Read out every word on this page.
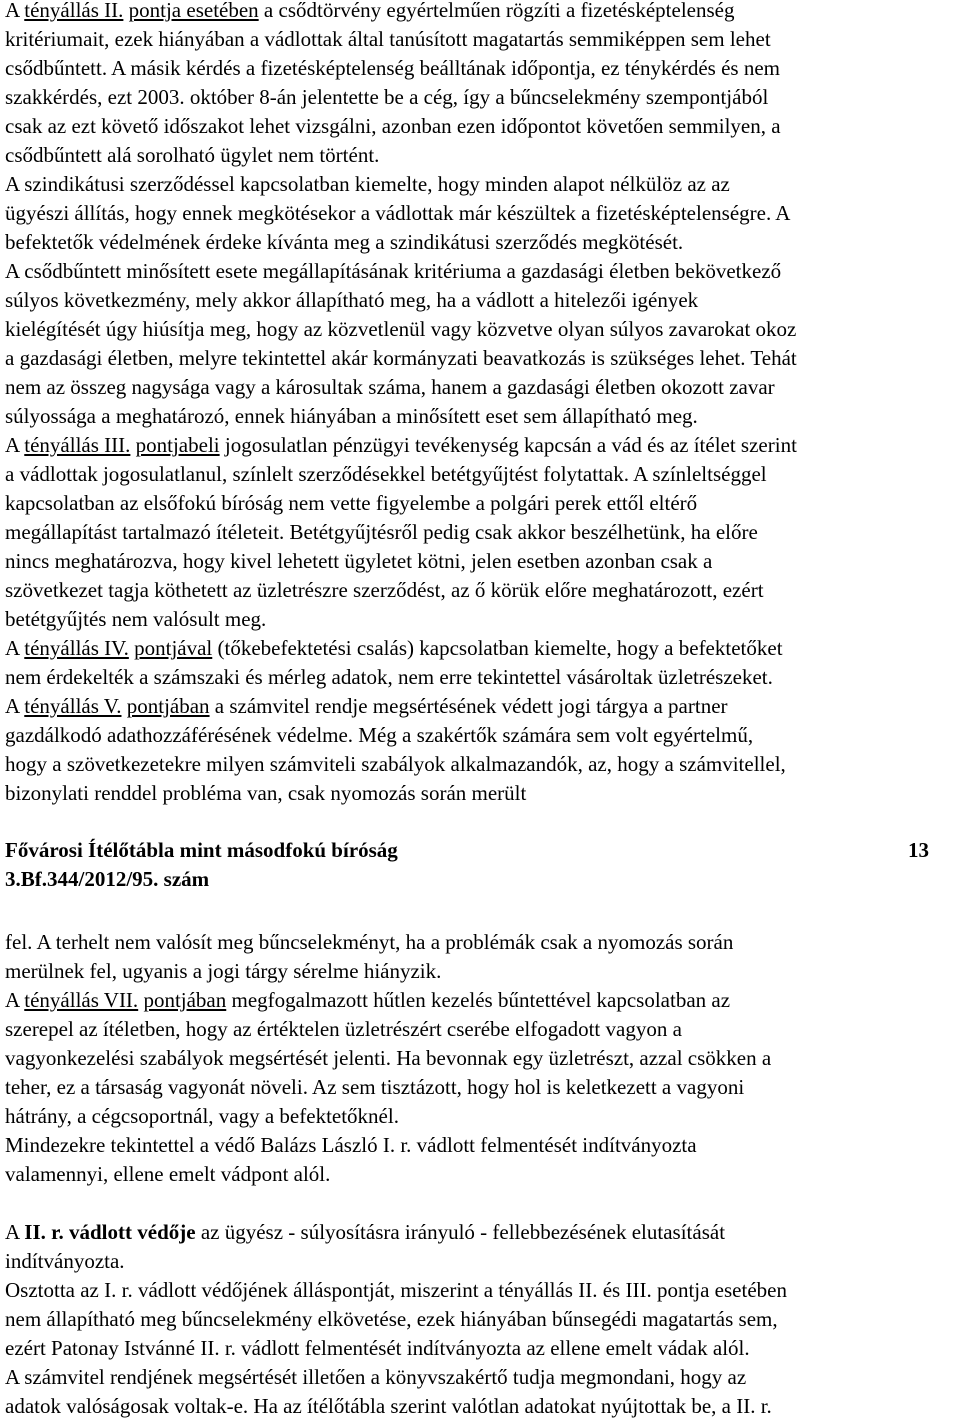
A tényállás II. pontja esetében a csődtörvény egyértelműen rögzíti a fizetésképtelenség
kritériumait, ezek hiányában a vádlottak által tanúsított magatartás semmiképpen sem lehet
csődbűntett. A másik kérdés a fizetésképtelenség beálltának időpontja, ez ténykérdés és nem
szakkérdés, ezt 2003. október 8-án jelentette be a cég, így a bűncselekmény szempontjából
csak az ezt követő időszakot lehet vizsgálni, azonban ezen időpontot követően semmilyen, a
csődbűntett alá sorolható ügylet nem történt.
A szindikátusi szerződéssel kapcsolatban kiemelte, hogy minden alapot nélkülöz az az
ügyészi állítás, hogy ennek megkötésekor a vádlottak már készültek a fizetésképtelenségre. A
befektetők védelmének érdeke kívánta meg a szindikátusi szerződés megkötését.
A csődbűntett minősített esete megállapításának kritériuma a gazdasági életben bekövetkező
súlyos következmény, mely akkor állapítható meg, ha a vádlott a hitelezői igények
kielégítését úgy hiúsítja meg, hogy az közvetlenül vagy közvetve olyan súlyos zavarokat okoz
a gazdasági életben, melyre tekintettel akár kormányzati beavatkozás is szükséges lehet. Tehát
nem az összeg nagysága vagy a károsultak száma, hanem a gazdasági életben okozott zavar
súlyossága a meghatározó, ennek hiányában a minősített eset sem állapítható meg.
A tényállás III. pontjabeli jogosulatlan pénzügyi tevékenység kapcsán a vád és az ítélet szerint
a vádlottak jogosulatlanul, színlelt szerződésekkel betétgyűjtést folytattak. A színleltséggel
kapcsolatban az elsőfokú bíróság nem vette figyelembe a polgári perek ettől eltérő
megállapítást tartalmazó ítéleteit. Betétgyűjtésről pedig csak akkor beszélhetünk, ha előre
nincs meghatározva, hogy kivel lehetett ügyletet kötni, jelen esetben azonban csak a
szövetkezet tagja köthetett az üzletrészre szerződést, az ő körük előre meghatározott, ezért
betétgyűjtés nem valósult meg.
A tényállás IV. pontjával (tőkebefektetési csalás) kapcsolatban kiemelte, hogy a befektetőket
nem érdekelték a számszaki és mérleg adatok, nem erre tekintettel vásároltak üzletrészeket.
A tényállás V. pontjában a számvitel rendje megsértésének védett jogi tárgya a partner
gazdálkodó adathozzáférésének védelme. Még a szakértők számára sem volt egyértelmű,
hogy a szövetkezetekre milyen számviteli szabályok alkalmazandók, az, hogy a számvitellel,
bizonylati renddel probléma van, csak nyomozás során merült
Fővárosi Ítélőtábla mint másodfokú bíróság	13
3.Bf.344/2012/95. szám
fel. A terhelt nem valósít meg bűncselekményt, ha a problémák csak a nyomozás során
merülnek fel, ugyanis a jogi tárgy sérelme hiányzik.
A tényállás VII. pontjában megfogalmazott hűtlen kezelés bűntettével kapcsolatban az
szerepel az ítéletben, hogy az értéktelen üzletrészért cserébe elfogadott vagyon a
vagyonkezelési szabályok megsértését jelenti. Ha bevonnak egy üzletrészt, azzal csökken a
teher, ez a társaság vagyonát növeli. Az sem tisztázott, hogy hol is keletkezett a vagyoni
hátrány, a cégcsoportnál, vagy a befektetőknél.
Mindezekre tekintettel a védő Balázs László I. r. vádlott felmentését indítványozta
valamennyi, ellene emelt vádpont alól.
A II. r. vádlott védője az ügyész - súlyosításra irányuló - fellebbezésének elutasítását
indítványozta.
Osztotta az I. r. vádlott védőjének álláspontját, miszerint a tényállás II. és III. pontja esetében
nem állapítható meg bűncselekmény elkövetése, ezek hiányában bűnsegédi magatartás sem,
ezért Patonay Istvánné II. r. vádlott felmentését indítványozta az ellene emelt vádak alól.
A számvitel rendjének megsértését illetően a könyvszakértő tudja megmondani, hogy az
adatok valóságosak voltak-e. Ha az ítélőtábla szerint valótlan adatokat nyújtottak be, a II. r.
